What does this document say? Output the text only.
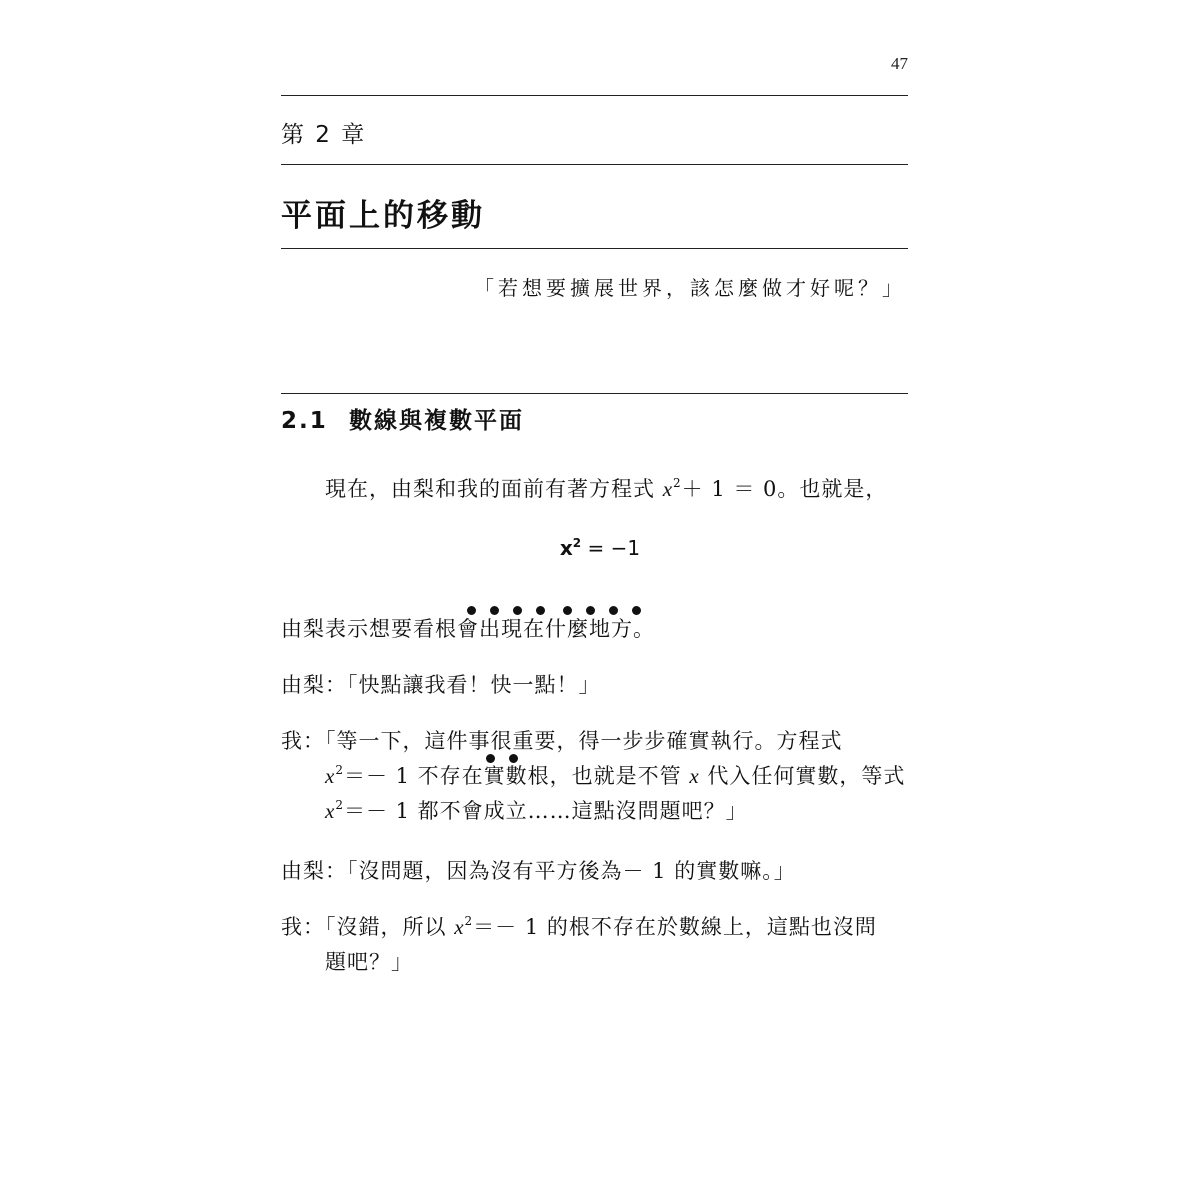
47
第 2 章
平面上的移動
「若想要擴展世界，該怎麼做才好呢？」
2.1 數線與複數平面
現在，由梨和我的面前有著方程式 $x^2+ 1 = 0$。也就是，
$x^2 = -1$
由梨表示想要看根會出現在什麼地方。
由梨：「快點讓我看！快一點！」
我：「等一下，這件事很重要，得一步步確實執行。方程式
$x^2=- 1$ 不存在實數根，也就是不管 x 代入任何實數，等式
$x^2=- 1$ 都不會成立……這點沒問題吧？」
由梨：「沒問題，因為沒有平方後為－ 1 的實數嘛。」
我：「沒錯，所以 $x^2=- 1$ 的根不存在於數線上，這點也沒問
題吧？」
